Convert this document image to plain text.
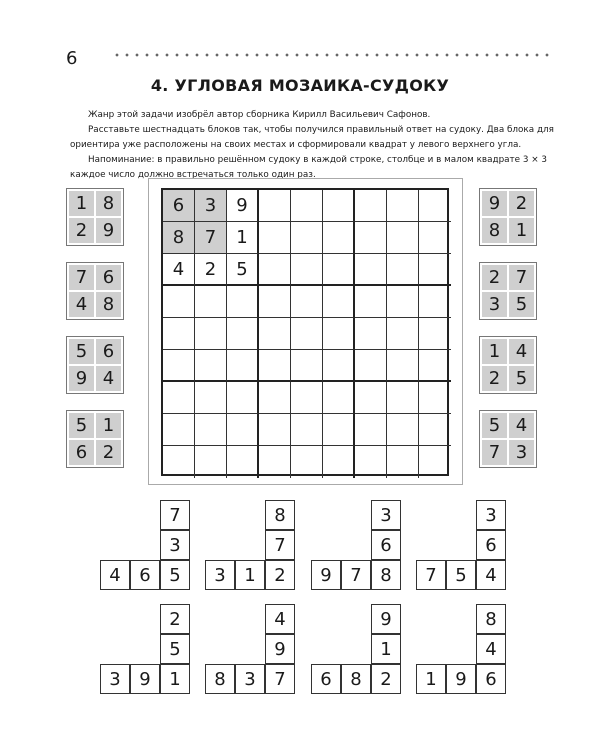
6
4. УГЛОВАЯ МОЗАИКА-СУДОКУ

Жанр этой задачи изобрёл автор сборника Кирилл Васильевич Сафонов.

Расставьте шестнадцать блоков так, чтобы получился правильный ответ на судоку. Два блока для ориентира уже расположены на своих местах и сформировали квадрат у левого верхнего угла.

Напоминание: в правильно решённом судоку в каждой строке, столбце и в малом квадрате 3 × 3 каждое число должно встречаться только один раз.

6	3	9
8	7	1
4	2	5
1 8
2 9
7 6
4 8
5 6
9 4
5 1
6 2
9 2
8 1
2 7
3 5
1 4
2 5
5 4
7 3
7
3
4	6	5
8
7
3	1	2
3
6
9	7	8
3
6
7	5	4
2
5
3	9	1
4
9
8	3	7
9
1
6	8	2
8
4
1	9	6
